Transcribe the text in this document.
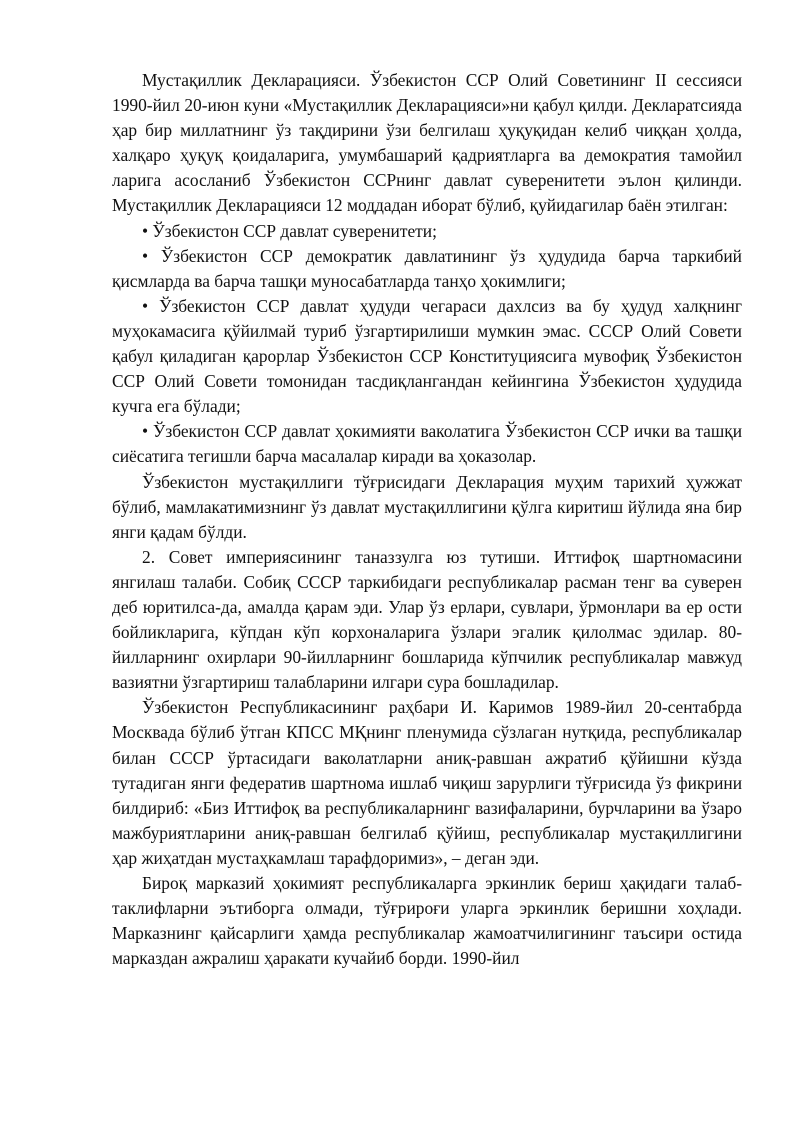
Мустақиллик Декларацияси. Ўзбекистон ССР Олий Советининг II сессияси 1990-йил 20-июн куни «Мустақиллик Декларацияси»ни қабул қилди. Декларатсияда ҳар бир миллатнинг ўз тақдирини ўзи белгилаш ҳуқуқидан келиб чиққан ҳолда, халқаро ҳуқуқ қоидаларига, умумбашарий қадриятларга ва демократия тамойил ларига асосланиб Ўзбекистон ССРнинг давлат суверенитети эълон қилинди. Мустақиллик Декларацияси 12 моддадан иборат бўлиб, қуйидагилар баён этилган:

• Ўзбекистон ССР давлат суверенитети;

• Ўзбекистон ССР демократик давлатининг ўз ҳудудида барча таркибий қисмларда ва барча ташқи муносабатларда танҳо ҳокимлиги;

• Ўзбекистон ССР давлат ҳудуди чегараси дахлсиз ва бу ҳудуд халқнинг муҳокамасига қўйилмай туриб ўзгартирилиши мумкин эмас. СССР Олий Совети қабул қиладиган қарорлар Ўзбекистон ССР Конституциясига мувофиқ Ўзбекистон ССР Олий Совети томонидан тасдиқлангандан кейингина Ўзбекистон ҳудудида кучга ега бўлади;

• Ўзбекистон ССР давлат ҳокимияти ваколатига Ўзбекистон ССР ички ва ташқи сиёсатига тегишли барча масалалар киради ва ҳоказолар.

Ўзбекистон мустақиллиги тўғрисидаги Декларация муҳим тарихий ҳужжат бўлиб, мамлакатимизнинг ўз давлат мустақиллигини қўлга киритиш йўлида яна бир янги қадам бўлди.

2. Совет империясининг таназзулга юз тутиши. Иттифоқ шартномасини янгилаш талаби. Собиқ СССР таркибидаги республикалар расман тенг ва суверен деб юритилса-да, амалда қарам эди. Улар ўз ерлари, сувлари, ўрмонлари ва ер ости бойликларига, кўпдан кўп корхоналарига ўзлари эгалик қилолмас эдилар. 80-йилларнинг охирлари 90-йилларнинг бошларида кўпчилик республикалар мавжуд вазиятни ўзгартириш талабларини илгари сура бошладилар.

Ўзбекистон Республикасининг раҳбари И. Каримов 1989-йил 20-сентабрда Москвада бўлиб ўтган КПСС МҚнинг пленумида сўзлаган нутқида, республикалар билан СССР ўртасидаги ваколатларни аниқ-равшан ажратиб қўйишни кўзда тутадиган янги федератив шартнома ишлаб чиқиш зарурлиги тўғрисида ўз фикрини билдириб: «Биз Иттифоқ ва республикаларнинг вазифаларини, бурчларини ва ўзаро мажбуриятларини аниқ-равшан белгилаб қўйиш, республикалар мустақиллигини ҳар жиҳатдан мустаҳкамлаш тарафдоримиз», – деган эди.

Бироқ марказий ҳокимият республикаларга эркинлик бериш ҳақидаги талаб-таклифларни эътиборга олмади, тўғрироғи уларга эркинлик беришни хоҳлади. Марказнинг қайсарлиги ҳамда республикалар жамоатчилигининг таъсири остида марказдан ажралиш ҳаракати кучайиб борди. 1990-йил
